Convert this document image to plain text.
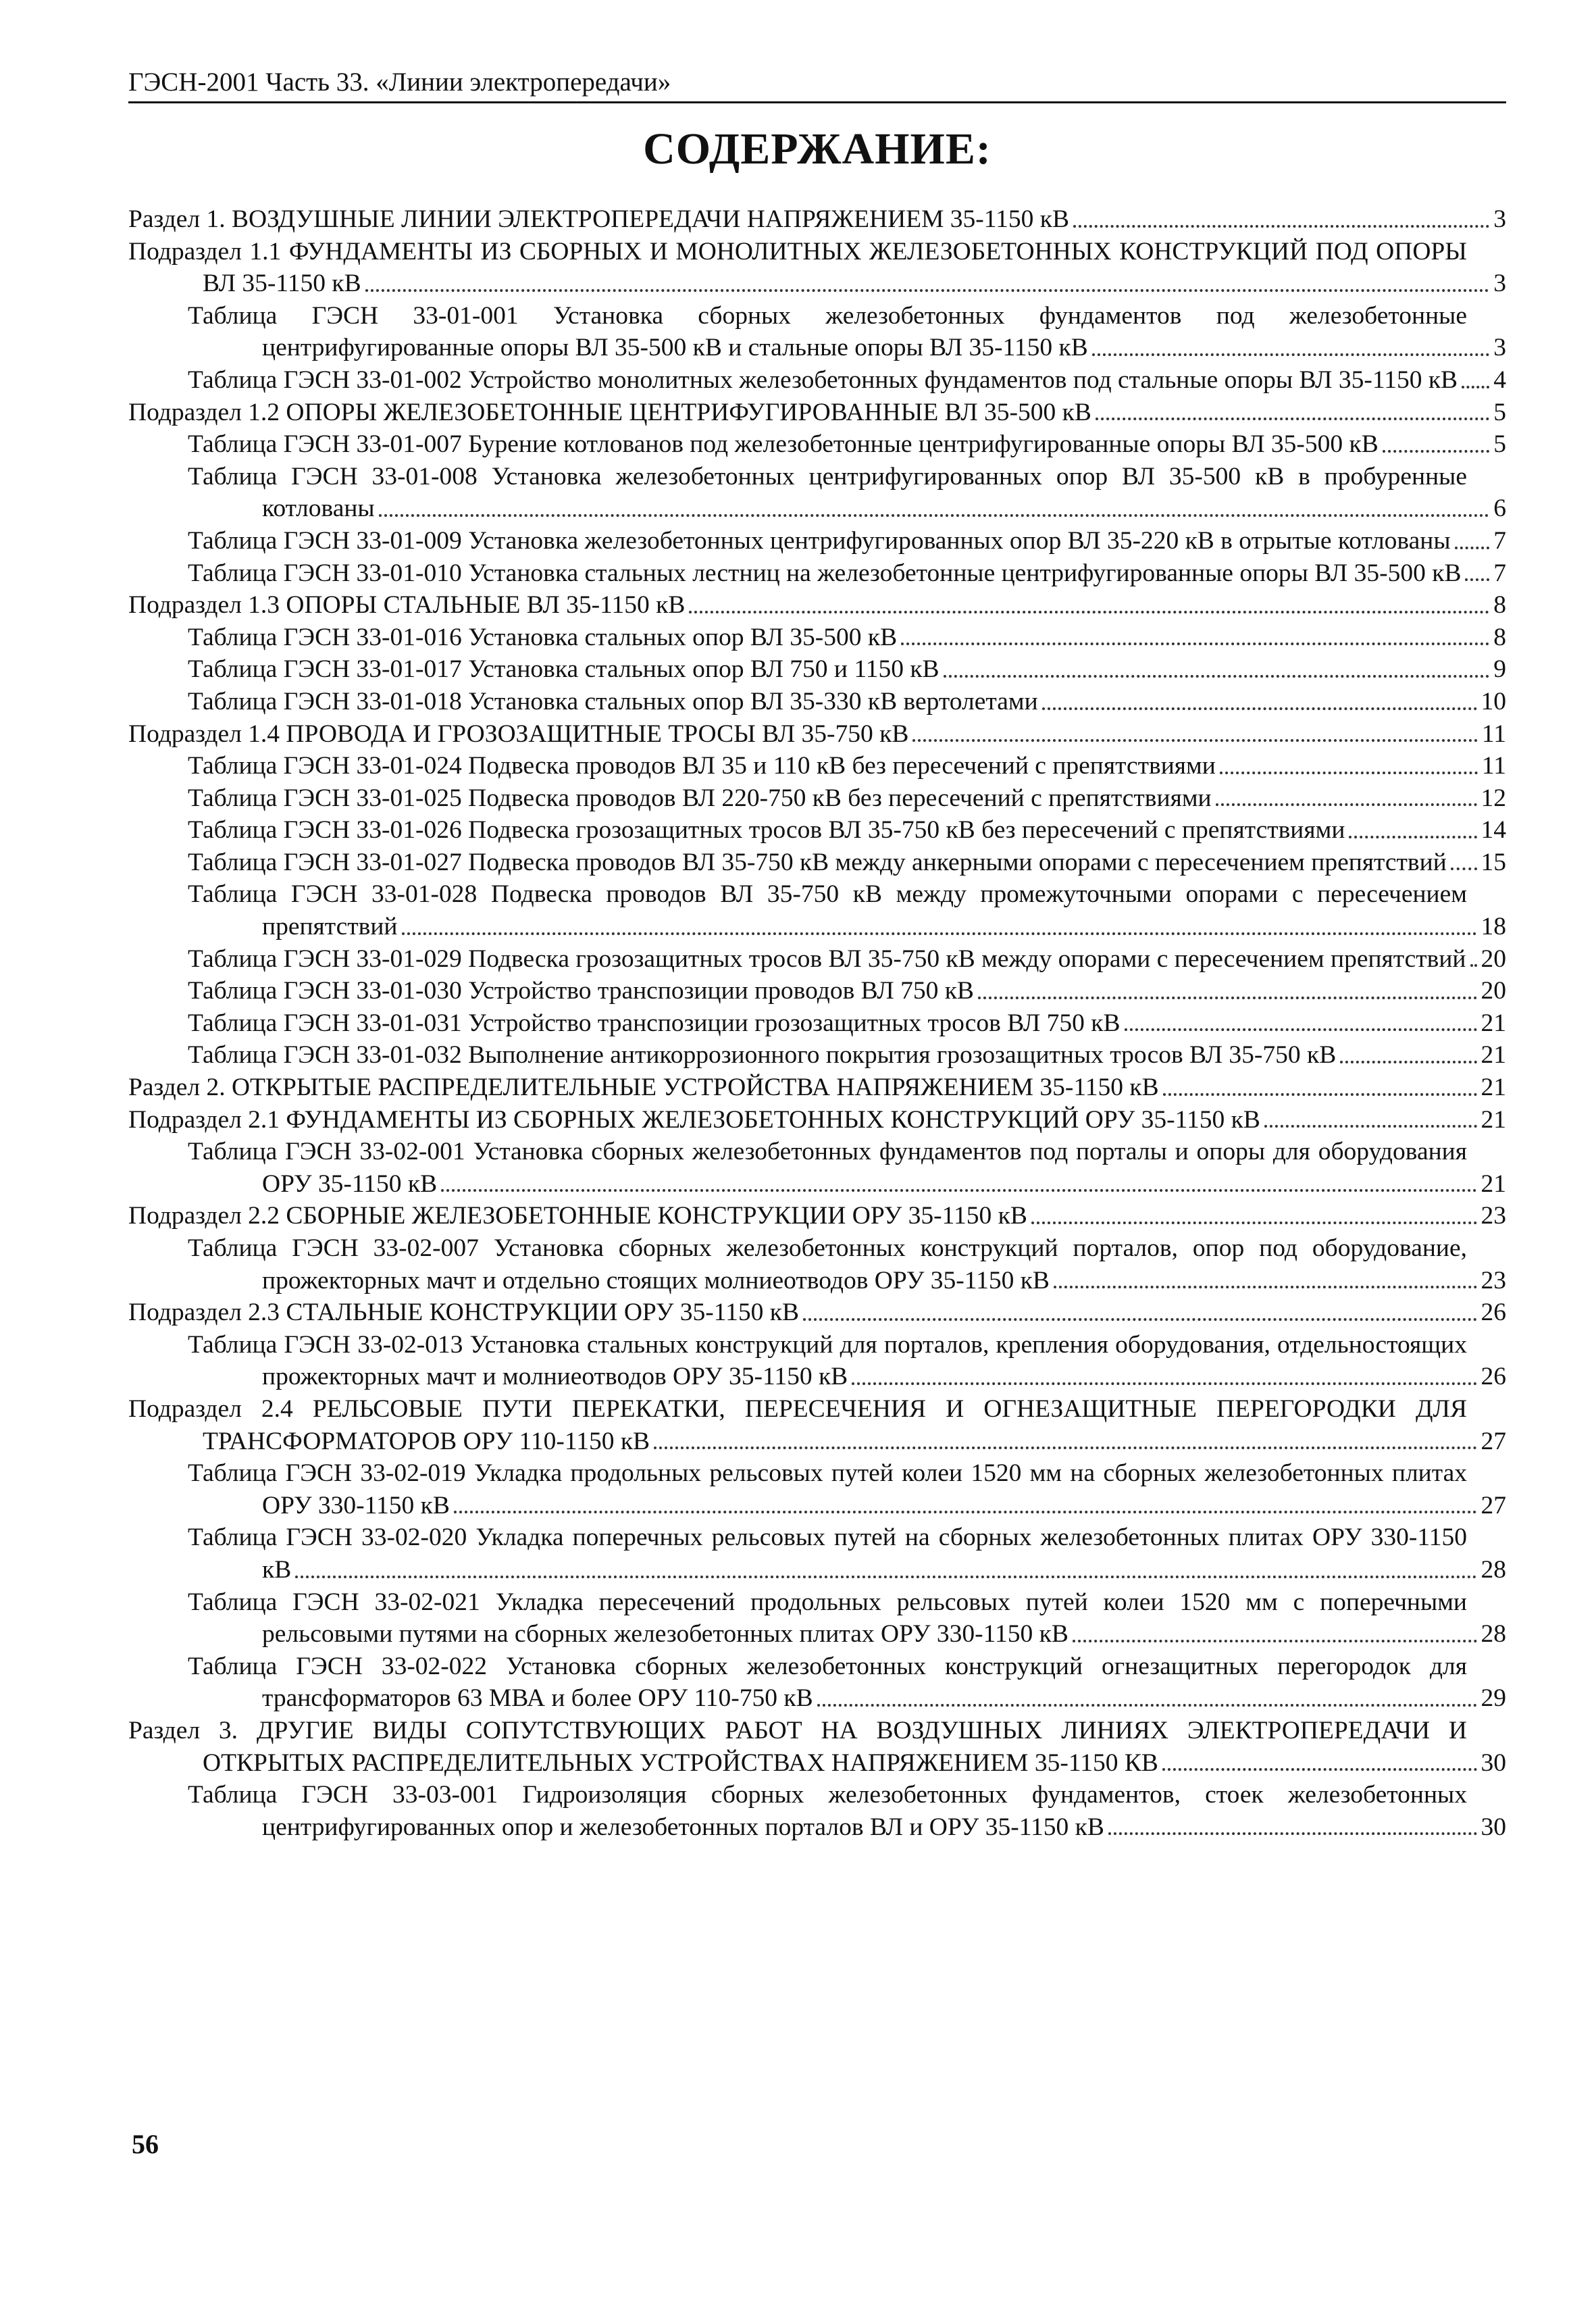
ГЭСН-2001 Часть 33. «Линии электропередачи»
СОДЕРЖАНИЕ:
Раздел 1. ВОЗДУШНЫЕ ЛИНИИ ЭЛЕКТРОПЕРЕДАЧИ НАПРЯЖЕНИЕМ 35-1150 кВ	3
Подраздел 1.1 ФУНДАМЕНТЫ ИЗ СБОРНЫХ И МОНОЛИТНЫХ ЖЕЛЕЗОБЕТОННЫХ КОНСТРУКЦИЙ ПОД ОПОРЫ ВЛ 35-1150 кВ	3
Таблица ГЭСН 33-01-001 Установка сборных железобетонных фундаментов под железобетонные центрифугированные опоры ВЛ 35-500 кВ и стальные опоры ВЛ 35-1150 кВ	3
Таблица ГЭСН 33-01-002 Устройство монолитных железобетонных фундаментов под стальные опоры ВЛ 35-1150 кВ 4
Подраздел 1.2 ОПОРЫ ЖЕЛЕЗОБЕТОННЫЕ ЦЕНТРИФУГИРОВАННЫЕ ВЛ 35-500 кВ	5
Таблица ГЭСН 33-01-007 Бурение котлованов под железобетонные центрифугированные опоры ВЛ 35-500 кВ	5
Таблица ГЭСН 33-01-008 Установка железобетонных центрифугированных опор ВЛ 35-500 кВ в пробуренные котлованы	6
Таблица ГЭСН 33-01-009 Установка железобетонных центрифугированных опор ВЛ 35-220 кВ в отрытые котлованы 7
Таблица ГЭСН 33-01-010 Установка стальных лестниц на железобетонные центрифугированные опоры ВЛ 35-500 кВ 7
Подраздел 1.3 ОПОРЫ СТАЛЬНЫЕ ВЛ 35-1150 кВ	8
Таблица ГЭСН 33-01-016 Установка стальных опор ВЛ 35-500 кВ	8
Таблица ГЭСН 33-01-017 Установка стальных опор ВЛ 750 и 1150 кВ	9
Таблица ГЭСН 33-01-018 Установка стальных опор ВЛ 35-330 кВ вертолетами	10
Подраздел 1.4 ПРОВОДА И ГРОЗОЗАЩИТНЫЕ ТРОСЫ ВЛ 35-750 кВ	11
Таблица ГЭСН 33-01-024 Подвеска проводов ВЛ 35 и 110 кВ без пересечений с препятствиями	11
Таблица ГЭСН 33-01-025 Подвеска проводов ВЛ 220-750 кВ без пересечений с препятствиями	12
Таблица ГЭСН 33-01-026 Подвеска грозозащитных тросов ВЛ 35-750 кВ без пересечений с препятствиями	14
Таблица ГЭСН 33-01-027 Подвеска проводов ВЛ 35-750 кВ между анкерными опорами с пересечением препятствий 15
Таблица ГЭСН 33-01-028 Подвеска проводов ВЛ 35-750 кВ между промежуточными опорами с пересечением препятствий	18
Таблица ГЭСН 33-01-029 Подвеска грозозащитных тросов ВЛ 35-750 кВ между опорами с пересечением препятствий 20
Таблица ГЭСН 33-01-030 Устройство транспозиции проводов ВЛ 750 кВ	20
Таблица ГЭСН 33-01-031 Устройство транспозиции грозозащитных тросов ВЛ 750 кВ	21
Таблица ГЭСН 33-01-032 Выполнение антикоррозионного покрытия грозозащитных тросов ВЛ 35-750 кВ	21
Раздел 2. ОТКРЫТЫЕ РАСПРЕДЕЛИТЕЛЬНЫЕ УСТРОЙСТВА НАПРЯЖЕНИЕМ 35-1150 кВ	21
Подраздел 2.1 ФУНДАМЕНТЫ ИЗ СБОРНЫХ ЖЕЛЕЗОБЕТОННЫХ КОНСТРУКЦИЙ ОРУ 35-1150 кВ	21
Таблица ГЭСН 33-02-001 Установка сборных железобетонных фундаментов под порталы и опоры для оборудования ОРУ 35-1150 кВ	21
Подраздел 2.2 СБОРНЫЕ ЖЕЛЕЗОБЕТОННЫЕ КОНСТРУКЦИИ ОРУ 35-1150 кВ	23
Таблица ГЭСН 33-02-007 Установка сборных железобетонных конструкций порталов, опор под оборудование, прожекторных мачт и отдельно стоящих молниеотводов ОРУ 35-1150 кВ	23
Подраздел 2.3 СТАЛЬНЫЕ КОНСТРУКЦИИ ОРУ 35-1150 кВ	26
Таблица ГЭСН 33-02-013 Установка стальных конструкций для порталов, крепления оборудования, отдельностоящих прожекторных мачт и молниеотводов ОРУ 35-1150 кВ	26
Подраздел 2.4 РЕЛЬСОВЫЕ ПУТИ ПЕРЕКАТКИ, ПЕРЕСЕЧЕНИЯ И ОГНЕЗАЩИТНЫЕ ПЕРЕГОРОДКИ ДЛЯ ТРАНСФОРМАТОРОВ ОРУ 110-1150 кВ	27
Таблица ГЭСН 33-02-019 Укладка продольных рельсовых путей колеи 1520 мм на сборных железобетонных плитах ОРУ 330-1150 кВ	27
Таблица ГЭСН 33-02-020 Укладка поперечных рельсовых путей на сборных железобетонных плитах ОРУ 330-1150 кВ	28
Таблица ГЭСН 33-02-021 Укладка пересечений продольных рельсовых путей колеи 1520 мм с поперечными рельсовыми путями на сборных железобетонных плитах ОРУ 330-1150 кВ	28
Таблица ГЭСН 33-02-022 Установка сборных железобетонных конструкций огнезащитных перегородок для трансформаторов 63 МВА и более ОРУ 110-750 кВ	29
Раздел 3. ДРУГИЕ ВИДЫ СОПУТСТВУЮЩИХ РАБОТ НА ВОЗДУШНЫХ ЛИНИЯХ ЭЛЕКТРОПЕРЕДАЧИ И ОТКРЫТЫХ РАСПРЕДЕЛИТЕЛЬНЫХ УСТРОЙСТВАХ НАПРЯЖЕНИЕМ 35-1150 КВ	30
Таблица ГЭСН 33-03-001 Гидроизоляция сборных железобетонных фундаментов, стоек железобетонных центрифугированных опор и железобетонных порталов ВЛ и ОРУ 35-1150 кВ	30
56
